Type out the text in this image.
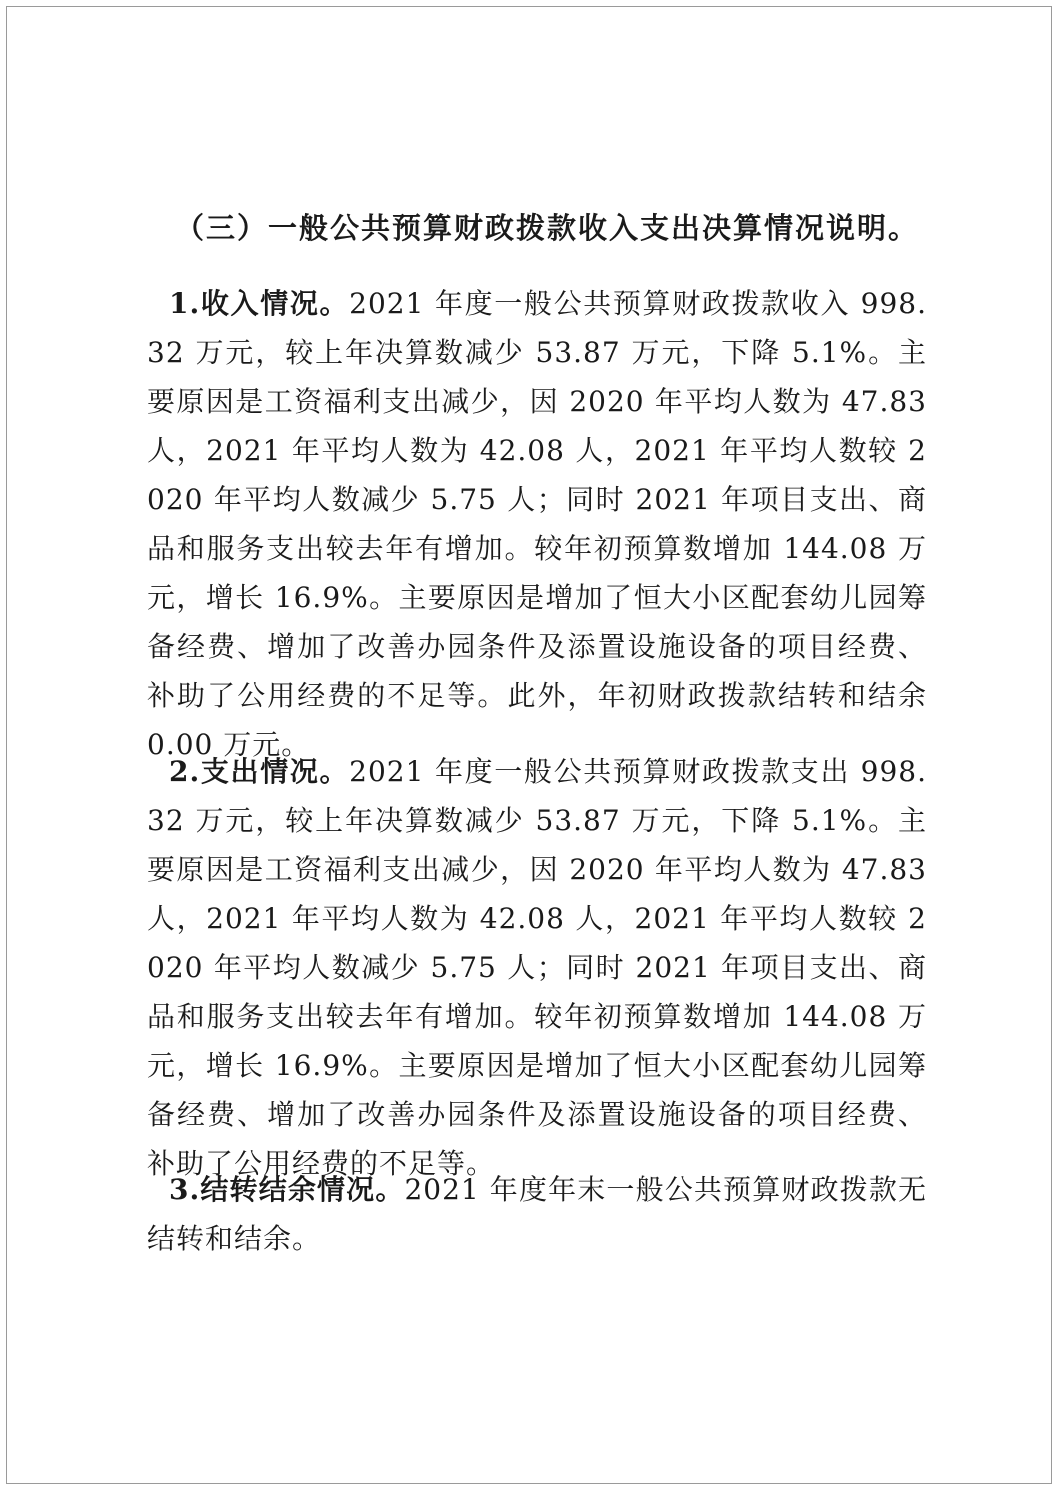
（三）一般公共预算财政拨款收入支出决算情况说明。

1.收入情况。2021 年度一般公共预算财政拨款收入 998.32 万元，较上年决算数减少 53.87 万元，下降 5.1%。主要原因是工资福利支出减少，因 2020 年平均人数为 47.83 人，2021 年平均人数为 42.08 人，2021 年平均人数较 2020 年平均人数减少 5.75 人；同时 2021 年项目支出、商品和服务支出较去年有增加。较年初预算数增加 144.08 万元，增长 16.9%。主要原因是增加了恒大小区配套幼儿园筹备经费、增加了改善办园条件及添置设施设备的项目经费、补助了公用经费的不足等。此外，年初财政拨款结转和结余 0.00 万元。

2.支出情况。2021 年度一般公共预算财政拨款支出 998.32 万元，较上年决算数减少 53.87 万元，下降 5.1%。主要原因是工资福利支出减少，因 2020 年平均人数为 47.83 人，2021 年平均人数为 42.08 人，2021 年平均人数较 2020 年平均人数减少 5.75 人；同时 2021 年项目支出、商品和服务支出较去年有增加。较年初预算数增加 144.08 万元，增长 16.9%。主要原因是增加了恒大小区配套幼儿园筹备经费、增加了改善办园条件及添置设施设备的项目经费、补助了公用经费的不足等。

3.结转结余情况。2021 年度年末一般公共预算财政拨款无结转和结余。
